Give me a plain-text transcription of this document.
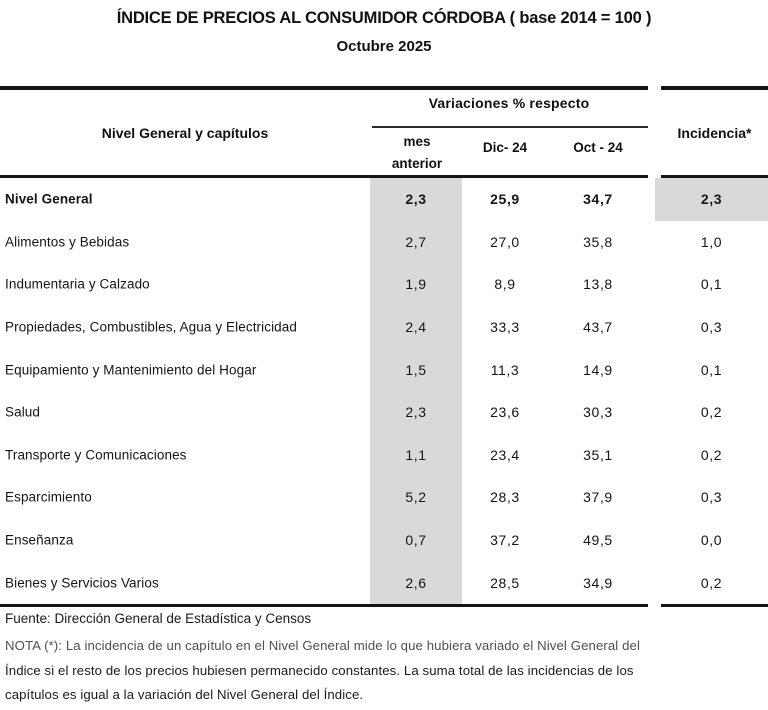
ÍNDICE DE PRECIOS AL CONSUMIDOR CÓRDOBA ( base 2014 = 100 )
Octubre 2025
Nivel General y capítulos
Variaciones % respecto
mes
anterior
Dic- 24	Oct - 24
Incidencia*
Nivel General	2,3	25,9	34,7	2,3
Alimentos y Bebidas	2,7	27,0	35,8	1,0
Indumentaria y Calzado	1,9	8,9	13,8	0,1
Propiedades, Combustibles, Agua y Electricidad	2,4	33,3	43,7	0,3
Equipamiento y Mantenimiento del Hogar	1,5	11,3	14,9	0,1
Salud	2,3	23,6	30,3	0,2
Transporte y Comunicaciones	1,1	23,4	35,1	0,2
Esparcimiento	5,2	28,3	37,9	0,3
Enseñanza	0,7	37,2	49,5	0,0
Bienes y Servicios Varios	2,6	28,5	34,9	0,2
Fuente: Dirección General de Estadística y Censos
NOTA (*): La incidencia de un capítulo en el Nivel General mide lo que hubiera variado el Nivel General del
Índice si el resto de los precios hubiesen permanecido constantes. La suma total de las incidencias de los
capítulos es igual a la variación del Nivel General del Índice.
